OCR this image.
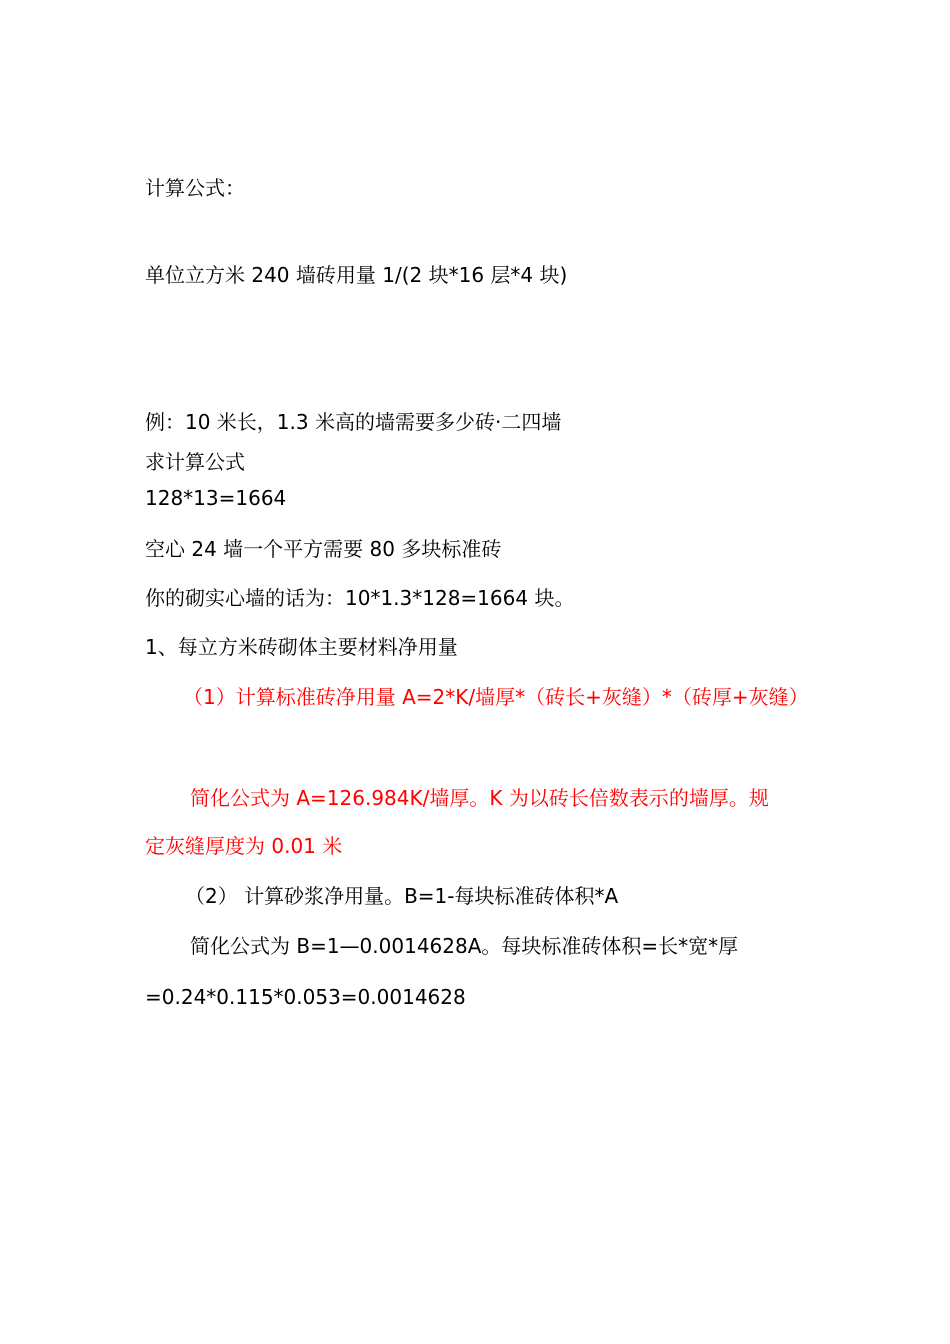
计算公式：
单位立方米 240 墙砖用量 1/(2 块*16 层*4 块)
例：10 米长，1.3 米高的墙需要多少砖·二四墙
求计算公式
128*13=1664
空心 24 墙一个平方需要 80 多块标准砖
你的砌实心墙的话为：10*1.3*128=1664 块。
1、每立方米砖砌体主要材料净用量
（1）计算标准砖净用量 A=2*K/墙厚*（砖长+灰缝）*（砖厚+灰缝）
简化公式为 A=126.984K/墙厚。K 为以砖长倍数表示的墙厚。规
定灰缝厚度为 0.01 米
（2） 计算砂浆净用量。B=1-每块标准砖体积*A
简化公式为 B=1—0.0014628A。每块标准砖体积=长*宽*厚
=0.24*0.115*0.053=0.0014628
